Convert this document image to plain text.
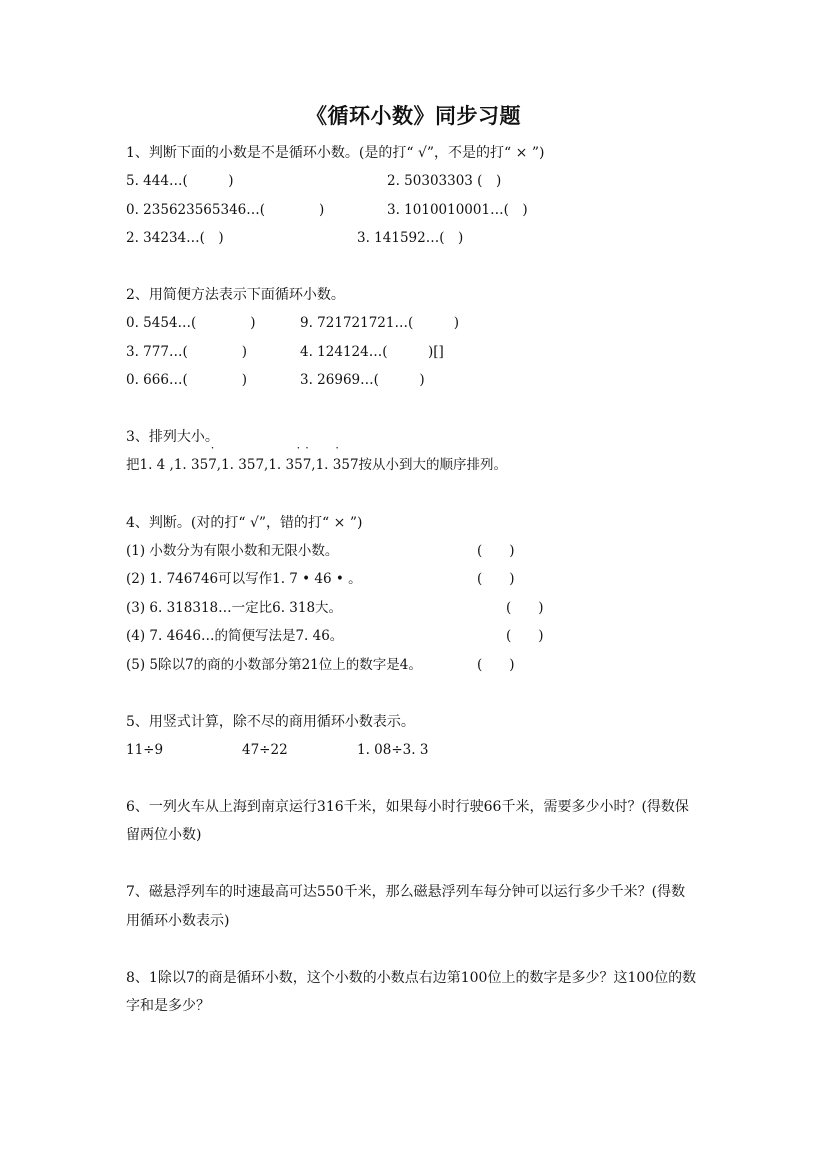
《循环小数》同步习题
1、判断下面的小数是不是循环小数。(是的打“ √”，不是的打“ × ”)
5. 444…(　　　)	2. 50303303 (　)
0. 235623565346…(　　　　)	3. 1010010001…(　)
2. 34234…(　)	3. 141592…(　)
2、用简便方法表示下面循环小数。
0. 5454…(　　　　)	9. 721721721…(　　　)
3. 777…(　　　　)	4. 124124…(　　　)[]
0. 666…(　　　　)	3. 26969…(　　　)
3、排列大小。
把1. 4 ,1. 35˙ 7,1. 357,1. 3˙ 5˙ 7,1. ˙ 357按从小到大的顺序排列。
4、判断。(对的打“ √”，错的打“ × ”)
(1) 小数分为有限小数和无限小数。	(　　)
(2) 1. 746746可以写作1. 7 • 46 • 。	(　　)
(3) 6. 318318…一定比6. 318大。	(　　)
(4) 7. 4646…的简便写法是7. 46。	(　　)
(5) 5除以7的商的小数部分第21位上的数字是4。	(　　)
5、用竖式计算，除不尽的商用循环小数表示。
11÷9	47÷22	1. 08÷3. 3
6、一列火车从上海到南京运行316千米，如果每小时行驶66千米，需要多少小时？(得数保
留两位小数)
7、磁悬浮列车的时速最高可达550千米，那么磁悬浮列车每分钟可以运行多少千米？(得数
用循环小数表示)
8、1除以7的商是循环小数，这个小数的小数点右边第100位上的数字是多少？这100位的数
字和是多少？
